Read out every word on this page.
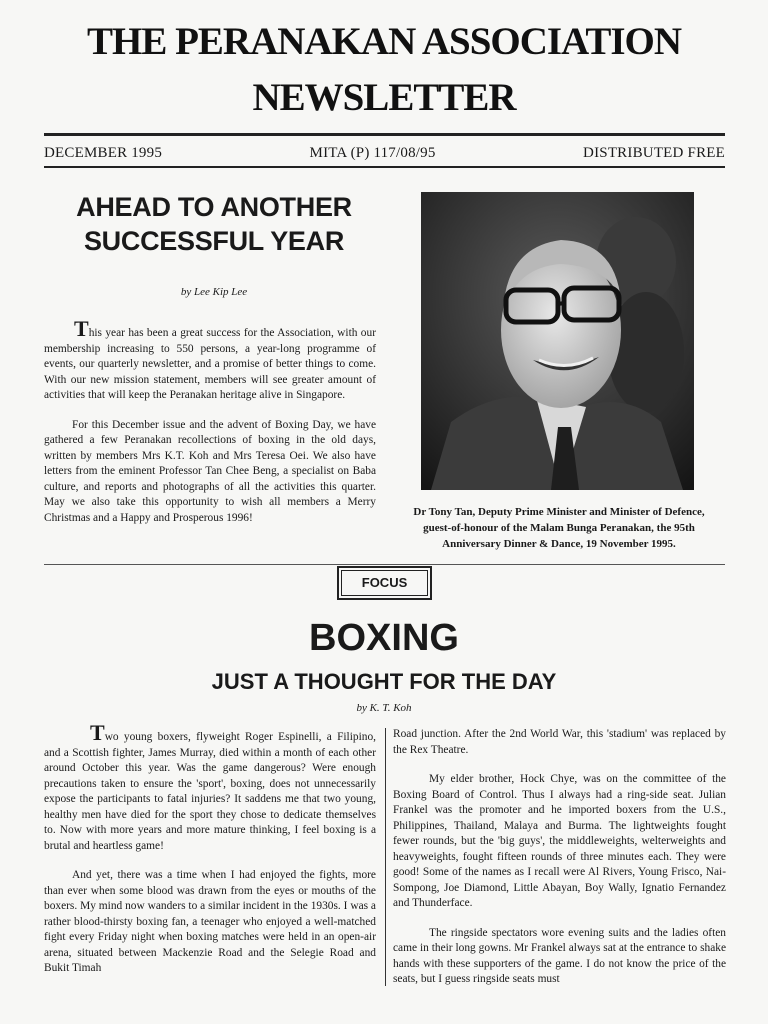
THE PERANAKAN ASSOCIATION
NEWSLETTER
DECEMBER 1995	MITA (P) 117/08/95	DISTRIBUTED FREE
AHEAD TO ANOTHER
SUCCESSFUL YEAR
by Lee Kip Lee

This year has been a great success for the Association, with our membership increasing to 550 persons, a year-long programme of events, our quarterly newsletter, and a promise of better things to come. With our new mission statement, members will see greater amount of activities that will keep the Peranakan heritage alive in Singapore.

For this December issue and the advent of Boxing Day, we have gathered a few Peranakan recollections of boxing in the old days, written by members Mrs K.T. Koh and Mrs Teresa Oei. We also have letters from the eminent Professor Tan Chee Beng, a specialist on Baba culture, and reports and photographs of all the activities this quarter. May we also take this opportunity to wish all members a Merry Christmas and a Happy and Prosperous 1996!	Dr Tony Tan, Deputy Prime Minister and Minister of Defence,
guest-of-honour of the Malam Bunga Peranakan, the 95th
Anniversary Dinner & Dance, 19 November 1995.
FOCUS
BOXING
JUST A THOUGHT FOR THE DAY
by K. T. Koh

Two young boxers, flyweight Roger Espinelli, a Filipino, and a Scottish fighter, James Murray, died within a month of each other around October this year. Was the game dangerous? Were enough precautions taken to ensure the 'sport', boxing, does not unnecessarily expose the participants to fatal injuries? It saddens me that two young, healthy men have died for the sport they chose to dedicate themselves to. Now with more years and more mature thinking, I feel boxing is a brutal and heartless game!

And yet, there was a time when I had enjoyed the fights, more than ever when some blood was drawn from the eyes or mouths of the boxers. My mind now wanders to a similar incident in the 1930s. I was a rather blood-thirsty boxing fan, a teenager who enjoyed a well-matched fight every Friday night when boxing matches were held in an open-air arena, situated between Mackenzie Road and the Selegie Road and Bukit Timah

Road junction. After the 2nd World War, this 'stadium' was replaced by the Rex Theatre.

My elder brother, Hock Chye, was on the committee of the Boxing Board of Control. Thus I always had a ring-side seat. Julian Frankel was the promoter and he imported boxers from the U.S., Philippines, Thailand, Malaya and Burma. The lightweights fought fewer rounds, but the 'big guys', the middleweights, welterweights and heavyweights, fought fifteen rounds of three minutes each. They were good! Some of the names as I recall were Al Rivers, Young Frisco, Nai-Sompong, Joe Diamond, Little Abayan, Boy Wally, Ignatio Fernandez and Thunderface.

The ringside spectators wore evening suits and the ladies often came in their long gowns. Mr Frankel always sat at the entrance to shake hands with these supporters of the game. I do not know the price of the seats, but I guess ringside seats must
